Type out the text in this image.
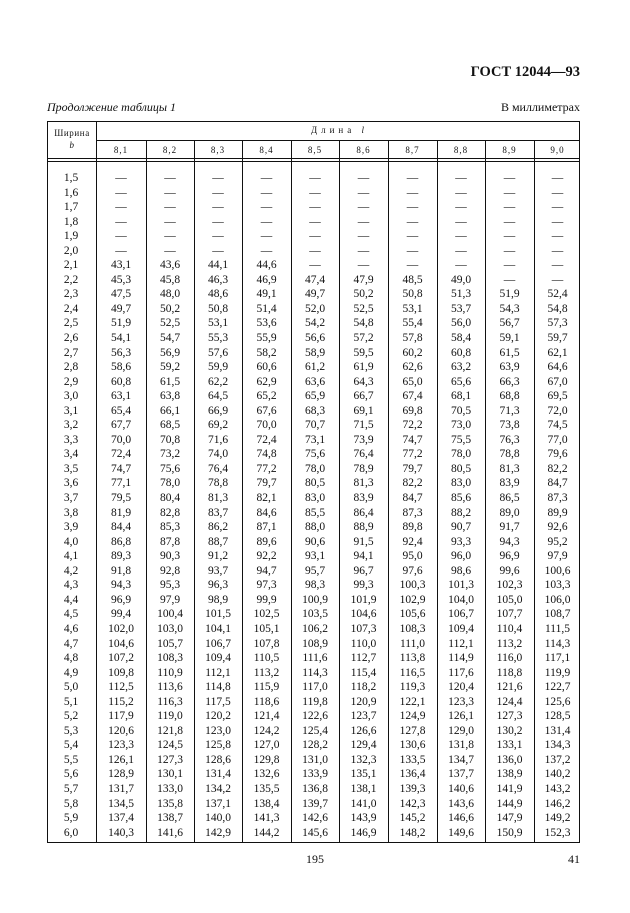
ГОСТ 12044—93
Продолжение таблицы 1	В миллиметрах
Ширина
b
Длина l
8,1	8,2	8,3	8,4	8,5	8,6	8,7	8,8	8,9	9,0
1,5	—	—	—	—	—	—	—	—	—	—
1,6	—	—	—	—	—	—	—	—	—	—
1,7	—	—	—	—	—	—	—	—	—	—
1,8	—	—	—	—	—	—	—	—	—	—
1,9	—	—	—	—	—	—	—	—	—	—
2,0	—	—	—	—	—	—	—	—	—	—
2,1	43,1	43,6	44,1	44,6	—	—	—	—	—	—
2,2	45,3	45,8	46,3	46,9	47,4	47,9	48,5	49,0	—	—
2,3	47,5	48,0	48,6	49,1	49,7	50,2	50,8	51,3	51,9	52,4
2,4	49,7	50,2	50,8	51,4	52,0	52,5	53,1	53,7	54,3	54,8
2,5	51,9	52,5	53,1	53,6	54,2	54,8	55,4	56,0	56,7	57,3
2,6	54,1	54,7	55,3	55,9	56,6	57,2	57,8	58,4	59,1	59,7
2,7	56,3	56,9	57,6	58,2	58,9	59,5	60,2	60,8	61,5	62,1
2,8	58,6	59,2	59,9	60,6	61,2	61,9	62,6	63,2	63,9	64,6
2,9	60,8	61,5	62,2	62,9	63,6	64,3	65,0	65,6	66,3	67,0
3,0	63,1	63,8	64,5	65,2	65,9	66,7	67,4	68,1	68,8	69,5
3,1	65,4	66,1	66,9	67,6	68,3	69,1	69,8	70,5	71,3	72,0
3,2	67,7	68,5	69,2	70,0	70,7	71,5	72,2	73,0	73,8	74,5
3,3	70,0	70,8	71,6	72,4	73,1	73,9	74,7	75,5	76,3	77,0
3,4	72,4	73,2	74,0	74,8	75,6	76,4	77,2	78,0	78,8	79,6
3,5	74,7	75,6	76,4	77,2	78,0	78,9	79,7	80,5	81,3	82,2
3,6	77,1	78,0	78,8	79,7	80,5	81,3	82,2	83,0	83,9	84,7
3,7	79,5	80,4	81,3	82,1	83,0	83,9	84,7	85,6	86,5	87,3
3,8	81,9	82,8	83,7	84,6	85,5	86,4	87,3	88,2	89,0	89,9
3,9	84,4	85,3	86,2	87,1	88,0	88,9	89,8	90,7	91,7	92,6
4,0	86,8	87,8	88,7	89,6	90,6	91,5	92,4	93,3	94,3	95,2
4,1	89,3	90,3	91,2	92,2	93,1	94,1	95,0	96,0	96,9	97,9
4,2	91,8	92,8	93,7	94,7	95,7	96,7	97,6	98,6	99,6	100,6
4,3	94,3	95,3	96,3	97,3	98,3	99,3	100,3	101,3	102,3	103,3
4,4	96,9	97,9	98,9	99,9	100,9	101,9	102,9	104,0	105,0	106,0
4,5	99,4	100,4	101,5	102,5	103,5	104,6	105,6	106,7	107,7	108,7
4,6	102,0	103,0	104,1	105,1	106,2	107,3	108,3	109,4	110,4	111,5
4,7	104,6	105,7	106,7	107,8	108,9	110,0	111,0	112,1	113,2	114,3
4,8	107,2	108,3	109,4	110,5	111,6	112,7	113,8	114,9	116,0	117,1
4,9	109,8	110,9	112,1	113,2	114,3	115,4	116,5	117,6	118,8	119,9
5,0	112,5	113,6	114,8	115,9	117,0	118,2	119,3	120,4	121,6	122,7
5,1	115,2	116,3	117,5	118,6	119,8	120,9	122,1	123,3	124,4	125,6
5,2	117,9	119,0	120,2	121,4	122,6	123,7	124,9	126,1	127,3	128,5
5,3	120,6	121,8	123,0	124,2	125,4	126,6	127,8	129,0	130,2	131,4
5,4	123,3	124,5	125,8	127,0	128,2	129,4	130,6	131,8	133,1	134,3
5,5	126,1	127,3	128,6	129,8	131,0	132,3	133,5	134,7	136,0	137,2
5,6	128,9	130,1	131,4	132,6	133,9	135,1	136,4	137,7	138,9	140,2
5,7	131,7	133,0	134,2	135,5	136,8	138,1	139,3	140,6	141,9	143,2
5,8	134,5	135,8	137,1	138,4	139,7	141,0	142,3	143,6	144,9	146,2
5,9	137,4	138,7	140,0	141,3	142,6	143,9	145,2	146,6	147,9	149,2
6,0	140,3	141,6	142,9	144,2	145,6	146,9	148,2	149,6	150,9	152,3
195	41
